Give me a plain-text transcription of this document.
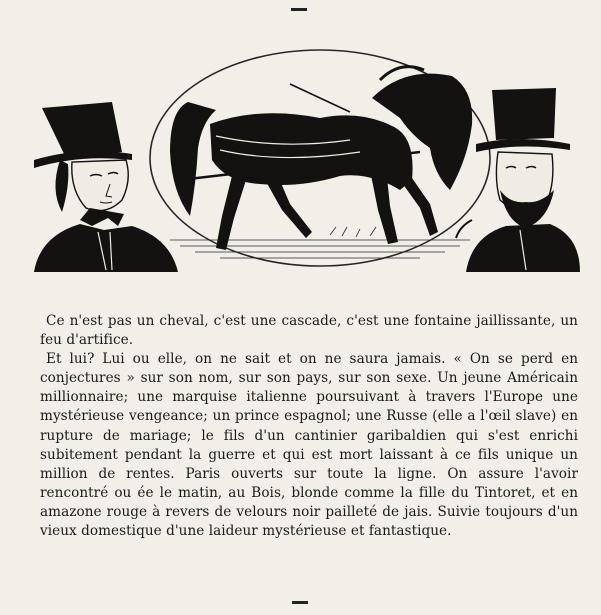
Ce n'est pas un cheval, c'est une cascade, c'est une fontaine jaillissante, un feu d'artifice.

Et lui? Lui ou elle, on ne sait et on ne saura jamais. « On se perd en conjectures » sur son nom, sur son pays, sur son sexe. Un jeune Américain millionnaire; une marquise italienne poursuivant à travers l'Europe une mystérieuse vengeance; un prince espagnol; une Russe (elle a l'œil slave) en rupture de mariage; le fils d'un cantinier garibaldien qui s'est enrichi subitement pendant la guerre et qui est mort laissant à ce fils unique un million de rentes. Paris ouverts sur toute la ligne. On assure l'avoir rencontré ou ée le matin, au Bois, blonde comme la fille du Tintoret, et en amazone rouge à revers de velours noir pailleté de jais. Suivie toujours d'un vieux domestique d'une laideur mystérieuse et fantastique.
